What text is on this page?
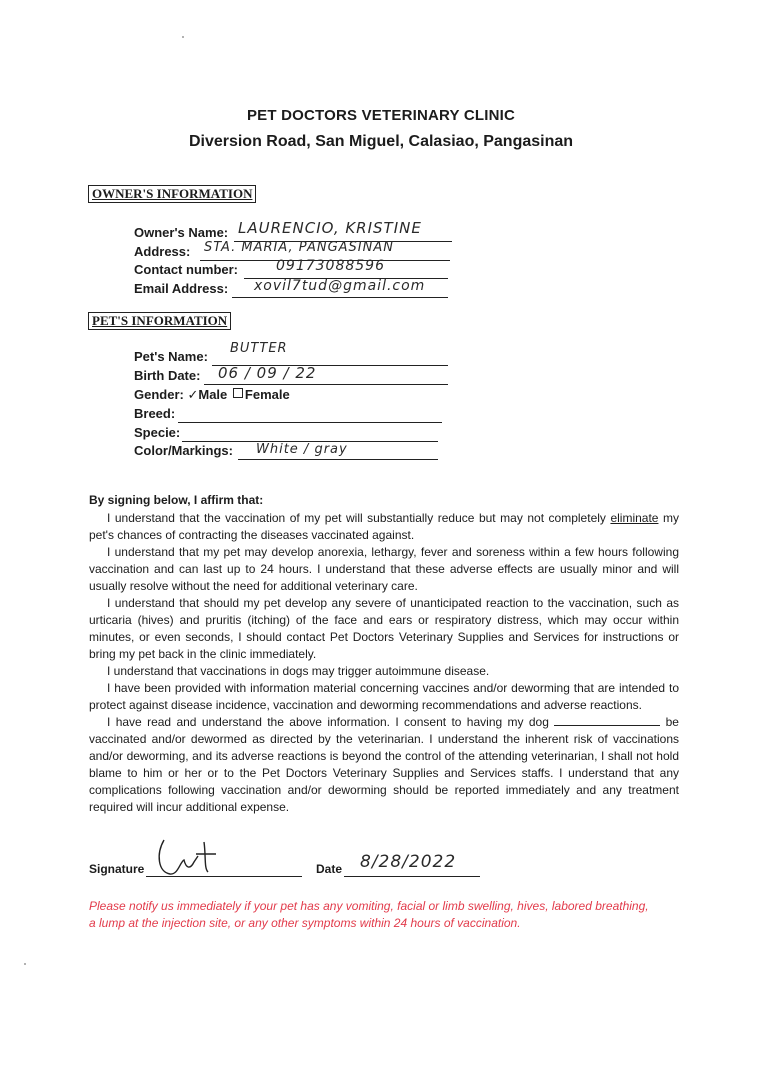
PET DOCTORS VETERINARY CLINIC
Diversion Road, San Miguel, Calasiao, Pangasinan
OWNER'S INFORMATION
Owner's Name: LAURENCIO, KRISTINE
Address: STA. MARIA, PANGASINAN
Contact number:	09173088596
Email Address: xovil7tud@gmail.com
PET'S INFORMATION
Pet's Name:
BUTTER
Birth Date: 06 / 09 / 22
Gender: ✓Male Female
Breed:
Specie:
Color/Markings: White / gray
By signing below, I affirm that:

I understand that the vaccination of my pet will substantially reduce but may not completely eliminate my pet's chances of contracting the diseases vaccinated against.

I understand that my pet may develop anorexia, lethargy, fever and soreness within a few hours following vaccination and can last up to 24 hours. I understand that these adverse effects are usually minor and will usually resolve without the need for additional veterinary care.

I understand that should my pet develop any severe of unanticipated reaction to the vaccination, such as urticaria (hives) and pruritis (itching) of the face and ears or respiratory distress, which may occur within minutes, or even seconds, I should contact Pet Doctors Veterinary Supplies and Services for instructions or bring my pet back in the clinic immediately.

I understand that vaccinations in dogs may trigger autoimmune disease.

I have been provided with information material concerning vaccines and/or deworming that are intended to protect against disease incidence, vaccination and deworming recommendations and adverse reactions.

I have read and understand the above information. I consent to having my dog	be vaccinated and/or dewormed as directed by the veterinarian. I understand the inherent risk of vaccinations and/or deworming, and its adverse reactions is beyond the control of the attending veterinarian, I shall not hold blame to him or her or to the Pet Doctors Veterinary Supplies and Services staffs. I understand that any complications following vaccination and/or deworming should be reported immediately and any treatment required will incur additional expense.

Signature	Date 8/28/2022
Please notify us immediately if your pet has any vomiting, facial or limb swelling, hives, labored breathing, a lump at the injection site, or any other symptoms within 24 hours of vaccination.
